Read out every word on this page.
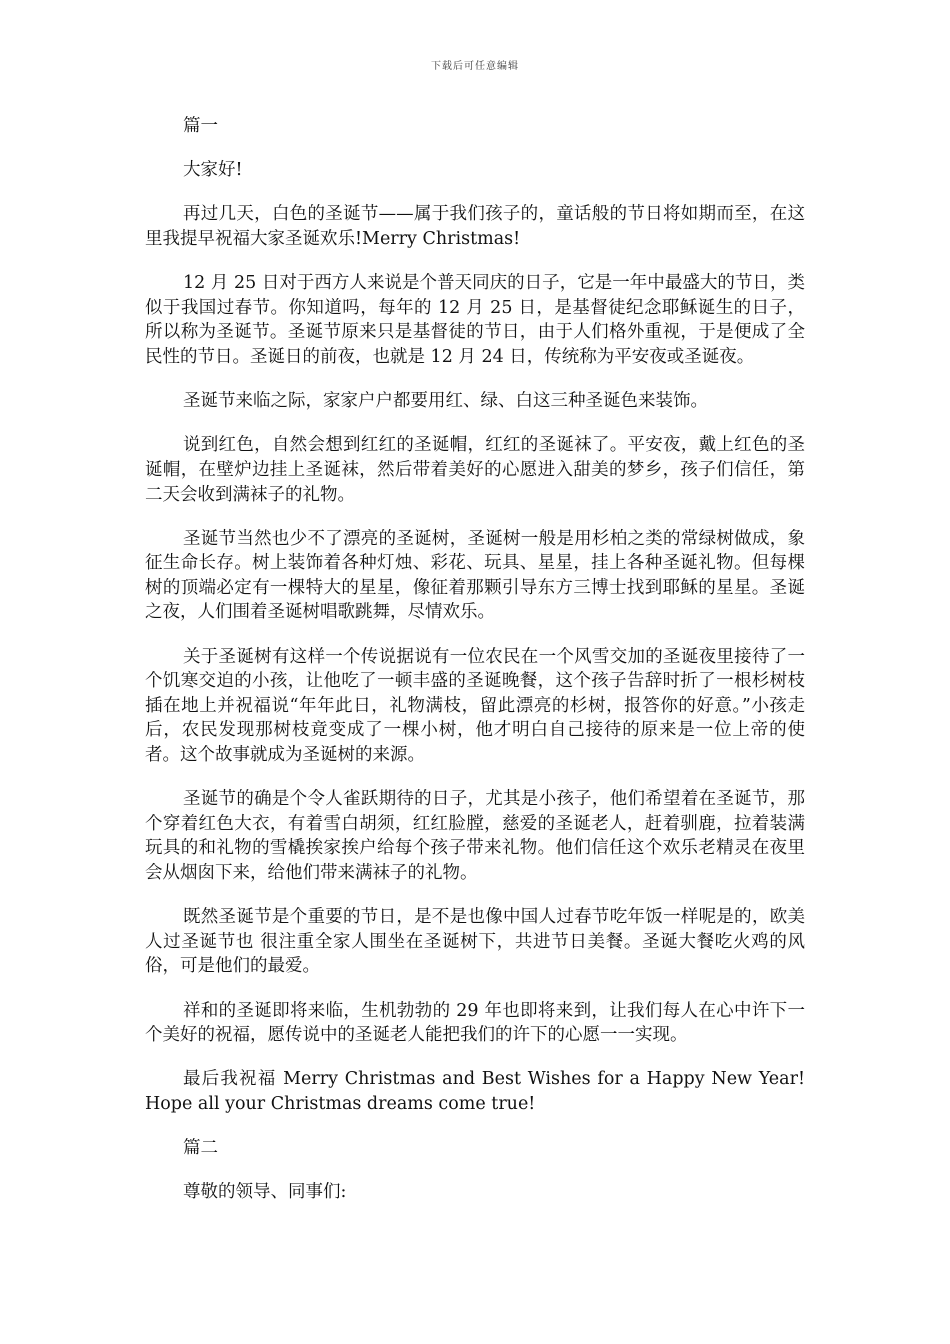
下载后可任意编辑

篇一

大家好!

再过几天，白色的圣诞节——属于我们孩子的，童话般的节日将如期而至，在这里我提早祝福大家圣诞欢乐!Merry Christmas!

12 月 25 日对于西方人来说是个普天同庆的日子，它是一年中最盛大的节日，类似于我国过春节。你知道吗，每年的 12 月 25 日，是基督徒纪念耶稣诞生的日子，所以称为圣诞节。圣诞节原来只是基督徒的节日，由于人们格外重视，于是便成了全民性的节日。圣诞日的前夜，也就是 12 月 24 日，传统称为平安夜或圣诞夜。

圣诞节来临之际，家家户户都要用红、绿、白这三种圣诞色来装饰。

说到红色，自然会想到红红的圣诞帽，红红的圣诞袜了。平安夜，戴上红色的圣诞帽，在壁炉边挂上圣诞袜，然后带着美好的心愿进入甜美的梦乡，孩子们信任，第二天会收到满袜子的礼物。

圣诞节当然也少不了漂亮的圣诞树，圣诞树一般是用杉柏之类的常绿树做成，象征生命长存。树上装饰着各种灯烛、彩花、玩具、星星，挂上各种圣诞礼物。但每棵树的顶端必定有一棵特大的星星，像征着那颗引导东方三博士找到耶稣的星星。圣诞之夜，人们围着圣诞树唱歌跳舞，尽情欢乐。

关于圣诞树有这样一个传说据说有一位农民在一个风雪交加的圣诞夜里接待了一个饥寒交迫的小孩，让他吃了一顿丰盛的圣诞晚餐，这个孩子告辞时折了一根杉树枝插在地上并祝福说“年年此日，礼物满枝，留此漂亮的杉树，报答你的好意。”小孩走后，农民发现那树枝竟变成了一棵小树，他才明白自己接待的原来是一位上帝的使者。这个故事就成为圣诞树的来源。

圣诞节的确是个令人雀跃期待的日子，尤其是小孩子，他们希望着在圣诞节，那个穿着红色大衣，有着雪白胡须，红红脸膛，慈爱的圣诞老人，赶着驯鹿，拉着装满玩具的和礼物的雪橇挨家挨户给每个孩子带来礼物。他们信任这个欢乐老精灵在夜里会从烟囱下来，给他们带来满袜子的礼物。

既然圣诞节是个重要的节日，是不是也像中国人过春节吃年饭一样呢是的，欧美人过圣诞节也 很注重全家人围坐在圣诞树下，共进节日美餐。圣诞大餐吃火鸡的风俗，可是他们的最爱。

祥和的圣诞即将来临，生机勃勃的 29 年也即将来到，让我们每人在心中许下一个美好的祝福，愿传说中的圣诞老人能把我们的许下的心愿一一实现。

最后我祝福 Merry Christmas and Best Wishes for a Happy New Year! Hope all your Christmas dreams come true!

篇二

尊敬的领导、同事们:
